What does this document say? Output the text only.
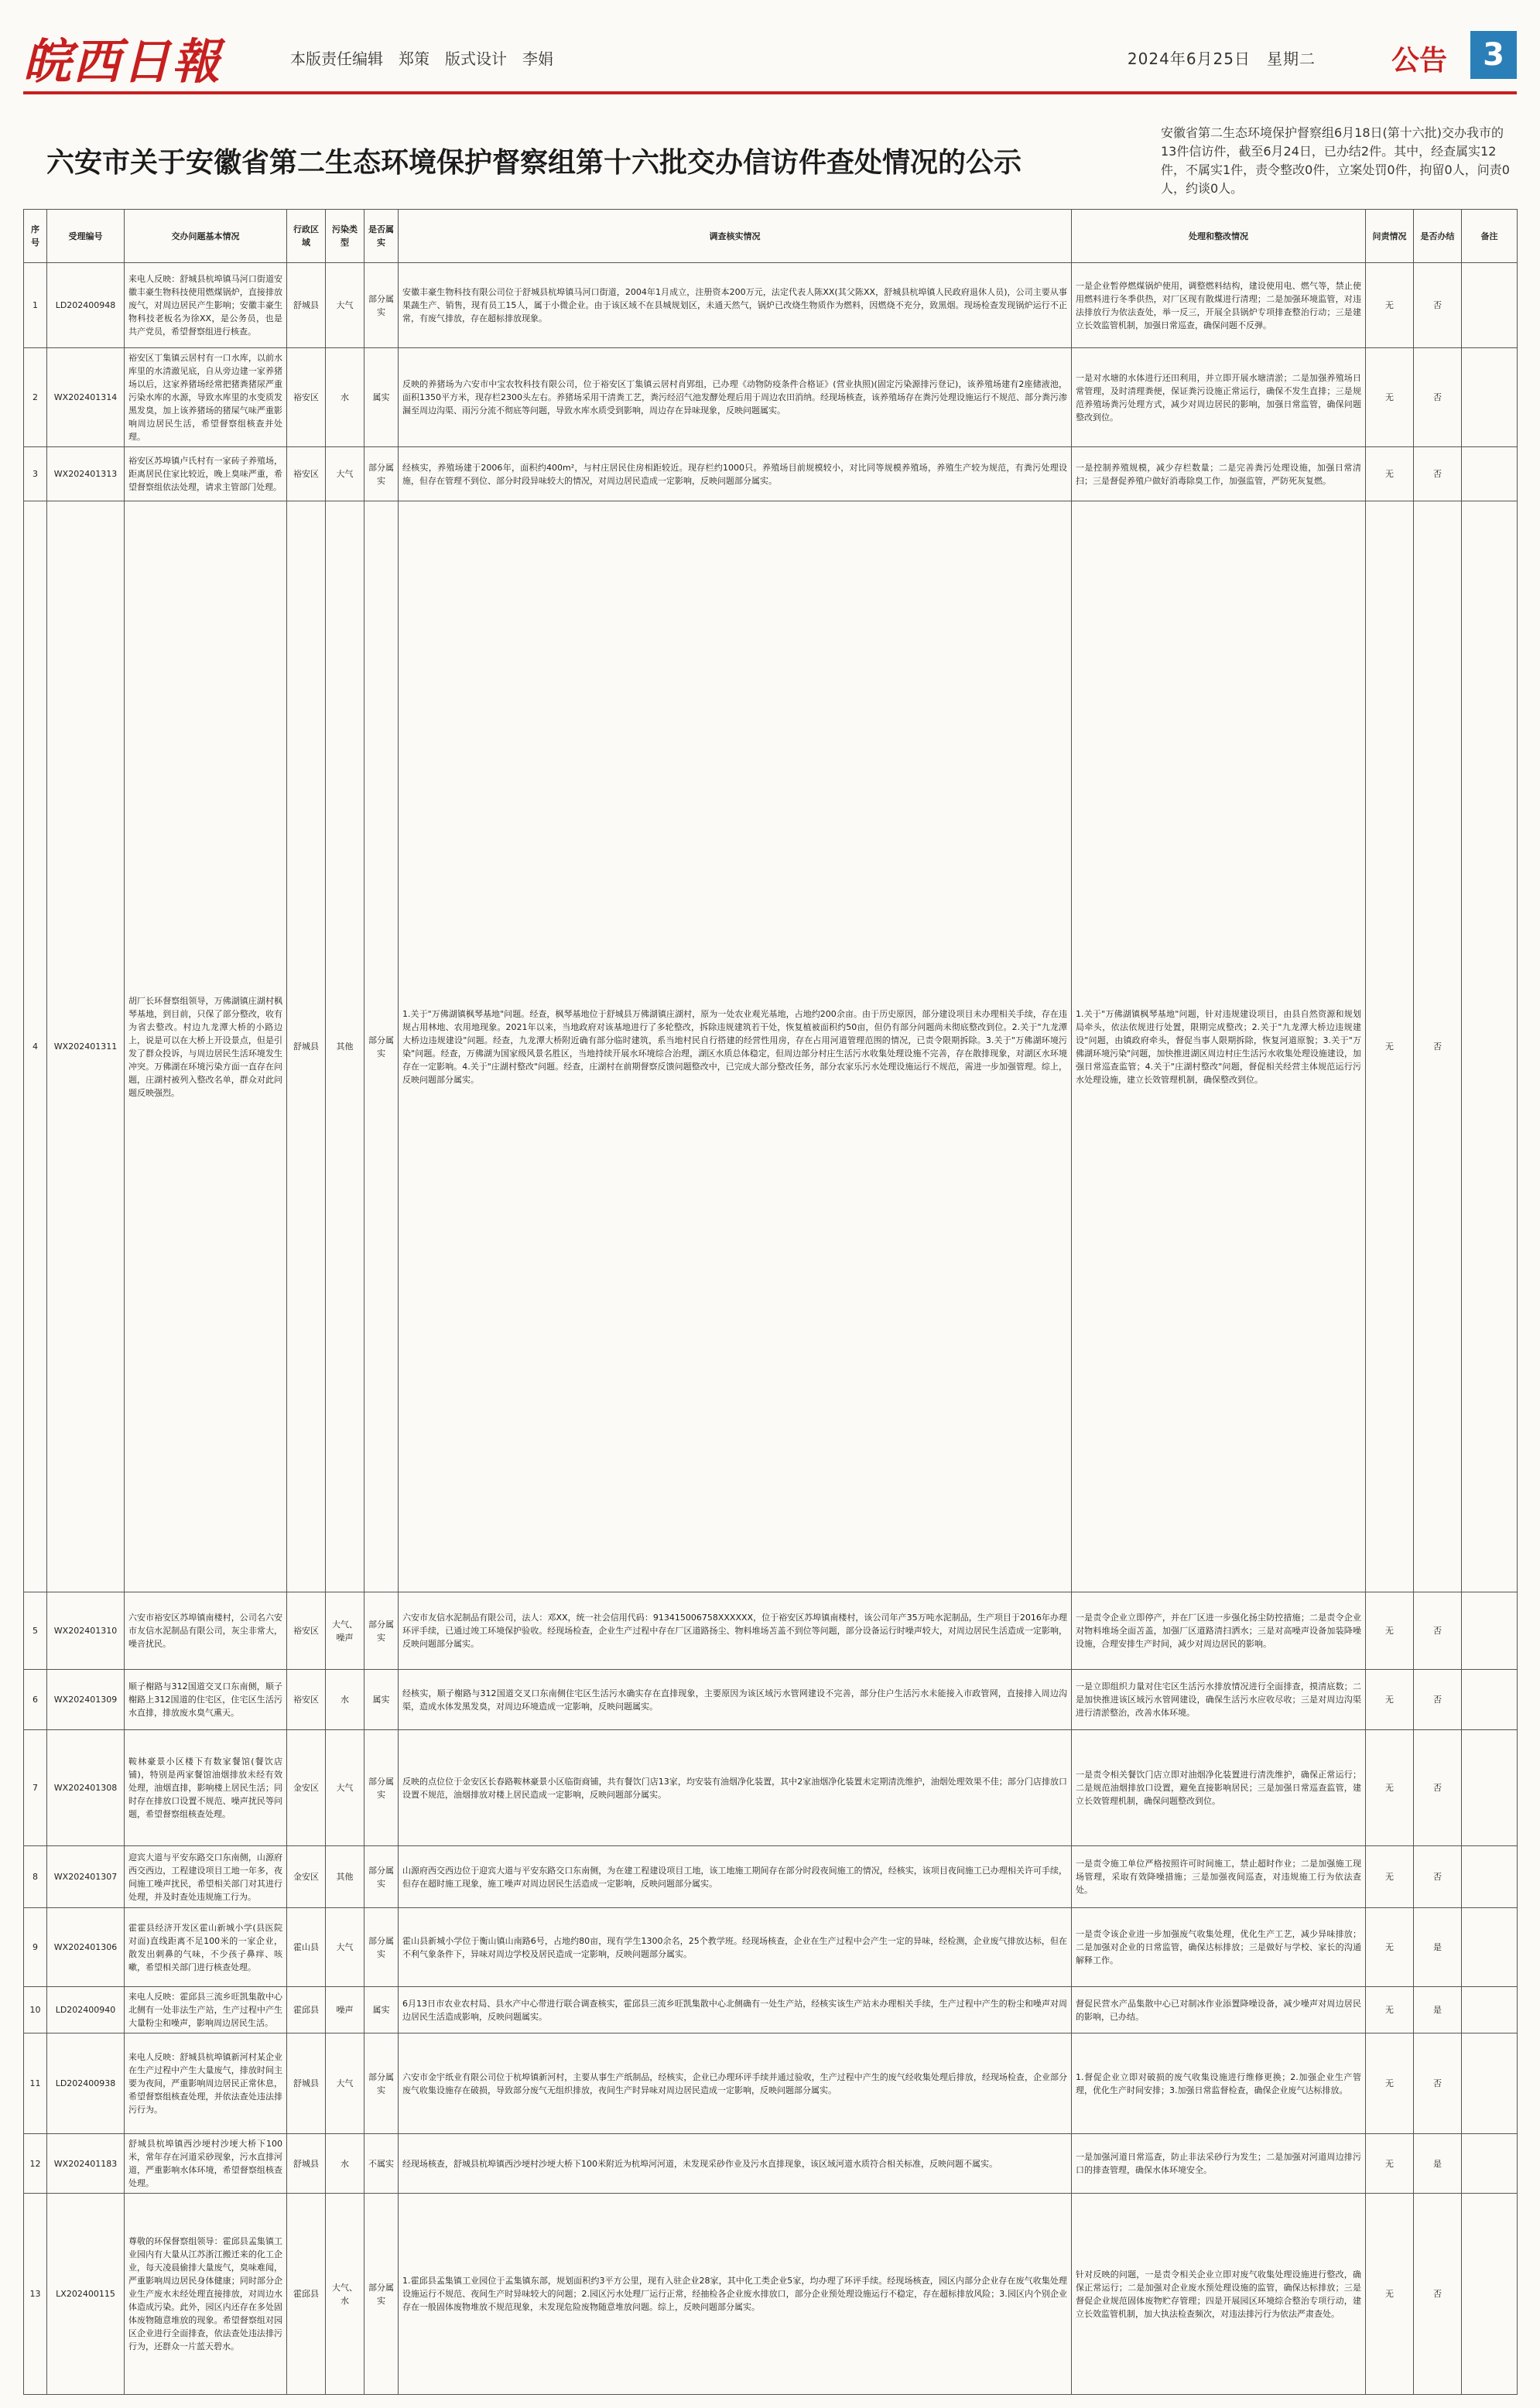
皖西日報	本版责任编辑　郑策　版式设计　李娟	2024年6月25日　星期二	公告	3
六安市关于安徽省第二生态环境保护督察组第十六批交办信访件查处情况的公示
安徽省第二生态环境保护督察组6月18日(第十六批)交办我市的13件信访件，截至6月24日，已办结2件。其中，经查属实12件，不属实1件，责令整改0件，立案处罚0件，拘留0人，问责0人，约谈0人。
序号	受理编号	交办问题基本情况	行政区域	污染类型	是否属实	调查核实情况	处理和整改情况	问责情况	是否办结	备注
1	LD202400948	来电人反映：舒城县杭埠镇马河口街道安徽丰豪生物科技使用燃煤锅炉，直接排放废气，对周边居民产生影响；安徽丰豪生物科技老板名为徐XX，是公务员，也是共产党员，希望督察组进行核查。	舒城县	大气	部分属实	安徽丰豪生物科技有限公司位于舒城县杭埠镇马河口街道，2004年1月成立，注册资本200万元，法定代表人陈XX(其父陈XX，舒城县杭埠镇人民政府退休人员)，公司主要从事果蔬生产、销售，现有员工15人，属于小微企业。由于该区域不在县城规划区，未通天然气，锅炉已改烧生物质作为燃料，因燃烧不充分，致黑烟。现场检查发现锅炉运行不正常，有废气排放，存在超标排放现象。	一是企业暂停燃煤锅炉使用，调整燃料结构，建设使用电、燃气等，禁止使用燃料进行冬季供热，对厂区现有散煤进行清理；二是加强环境监管，对违法排放行为依法查处，举一反三，开展全县锅炉专项排查整治行动；三是建立长效监管机制，加强日常巡查，确保问题不反弹。	无	否	
2	WX202401314	裕安区丁集镇云居村有一口水库，以前水库里的水清澈见底，自从旁边建一家养猪场以后，这家养猪场经常把猪粪猪尿严重污染水库的水源，导致水库里的水变质发黑发臭，加上该养猪场的猪屎气味严重影响周边居民生活，希望督察组核查并处理。	裕安区	水	属实	反映的养猪场为六安市中宝农牧科技有限公司，位于裕安区丁集镇云居村肖郢组，已办理《动物防疫条件合格证》(营业执照)(固定污染源排污登记)，该养殖场建有2座储液池，面积1350平方米，现存栏2300头左右。养猪场采用干清粪工艺，粪污经沼气池发酵处理后用于周边农田消纳。经现场核查，该养殖场存在粪污处理设施运行不规范、部分粪污渗漏至周边沟渠、雨污分流不彻底等问题，导致水库水质受到影响，周边存在异味现象，反映问题属实。	一是对水塘的水体进行还田利用，并立即开展水塘清淤；二是加强养殖场日常管理，及时清理粪便，保证粪污设施正常运行，确保不发生直排；三是规范养殖场粪污处理方式，减少对周边居民的影响，加强日常监管，确保问题整改到位。	无	否	
3	WX202401313	裕安区苏埠镇卢氏村有一家砖子养殖场，距离居民住家比较近，晚上臭味严重，希望督察组依法处理，请求主管部门处理。	裕安区	大气	部分属实	经核实，养殖场建于2006年，面积约400m²，与村庄居民住房相距较近。现存栏约1000只。养殖场目前规模较小，对比同等规模养殖场，养殖生产较为规范，有粪污处理设施，但存在管理不到位、部分时段异味较大的情况，对周边居民造成一定影响，反映问题部分属实。	一是控制养殖规模，减少存栏数量；二是完善粪污处理设施，加强日常清扫；三是督促养殖户做好消毒除臭工作，加强监管，严防死灰复燃。	无	否	
4	WX202401311	胡厂长环督察组领导，万佛湖镇庄湖村枫琴基地，到目前，只保了部分整改，收有为省去整改。村边九龙潭大桥的小路边上，说是可以在大桥上开设景点，但是引发了群众投诉，与周边居民生活环境发生冲突。万佛湖在环境污染方面一直存在问题，庄湖村被列入整改名单，群众对此问题反映强烈。	舒城县	其他	部分属实	1.关于"万佛湖镇枫琴基地"问题。经查，枫琴基地位于舒城县万佛湖镇庄湖村，原为一处农业观光基地，占地约200余亩。由于历史原因，部分建设项目未办理相关手续，存在违规占用林地、农用地现象。2021年以来，当地政府对该基地进行了多轮整改，拆除违规建筑若干处，恢复植被面积约50亩，但仍有部分问题尚未彻底整改到位。2.关于"九龙潭大桥边违规建设"问题。经查，九龙潭大桥附近确有部分临时建筑，系当地村民自行搭建的经营性用房，存在占用河道管理范围的情况，已责令限期拆除。3.关于"万佛湖环境污染"问题。经查，万佛湖为国家级风景名胜区，当地持续开展水环境综合治理，湖区水质总体稳定，但周边部分村庄生活污水收集处理设施不完善，存在散排现象，对湖区水环境存在一定影响。4.关于"庄湖村整改"问题。经查，庄湖村在前期督察反馈问题整改中，已完成大部分整改任务，部分农家乐污水处理设施运行不规范，需进一步加强管理。综上，反映问题部分属实。	1.关于"万佛湖镇枫琴基地"问题，针对违规建设项目，由县自然资源和规划局牵头，依法依规进行处置，限期完成整改；2.关于"九龙潭大桥边违规建设"问题，由镇政府牵头，督促当事人限期拆除，恢复河道原貌；3.关于"万佛湖环境污染"问题，加快推进湖区周边村庄生活污水收集处理设施建设，加强日常巡查监管；4.关于"庄湖村整改"问题，督促相关经营主体规范运行污水处理设施，建立长效管理机制，确保整改到位。	无	否	
5	WX202401310	六安市裕安区苏埠镇南楼村，公司名六安市友信水泥制品有限公司，灰尘非常大，噪音扰民。	裕安区	大气、噪声	部分属实	六安市友信水泥制品有限公司，法人：邓XX，统一社会信用代码：913415006758XXXXXX，位于裕安区苏埠镇南楼村，该公司年产35万吨水泥制品，生产项目于2016年办理环评手续，已通过竣工环境保护验收。经现场检查，企业生产过程中存在厂区道路扬尘、物料堆场苫盖不到位等问题，部分设备运行时噪声较大，对周边居民生活造成一定影响，反映问题部分属实。	一是责令企业立即停产，并在厂区进一步强化扬尘防控措施；二是责令企业对物料堆场全面苫盖，加强厂区道路清扫洒水；三是对高噪声设备加装降噪设施，合理安排生产时间，减少对周边居民的影响。	无	否	
6	WX202401309	顺子榭路与312国道交叉口东南侧，顺子榭路上312国道的住宅区，住宅区生活污水直排，排放废水臭气熏天。	裕安区	水	属实	经核实，顺子榭路与312国道交叉口东南侧住宅区生活污水确实存在直排现象，主要原因为该区域污水管网建设不完善，部分住户生活污水未能接入市政管网，直接排入周边沟渠，造成水体发黑发臭，对周边环境造成一定影响，反映问题属实。	一是立即组织力量对住宅区生活污水排放情况进行全面排查，摸清底数；二是加快推进该区域污水管网建设，确保生活污水应收尽收；三是对周边沟渠进行清淤整治，改善水体环境。	无	否	
7	WX202401308	鞍林豪景小区楼下有数家餐馆(餐饮店铺)，特别是两家餐馆油烟排放未经有效处理，油烟直排，影响楼上居民生活；同时存在排放口设置不规范、噪声扰民等问题，希望督察组核查处理。	金安区	大气	部分属实	反映的点位位于金安区长春路鞍林豪景小区临街商铺，共有餐饮门店13家，均安装有油烟净化装置，其中2家油烟净化装置未定期清洗维护，油烟处理效果不佳；部分门店排放口设置不规范，油烟排放对楼上居民造成一定影响，反映问题部分属实。	一是责令相关餐饮门店立即对油烟净化装置进行清洗维护，确保正常运行；二是规范油烟排放口设置，避免直接影响居民；三是加强日常巡查监管，建立长效管理机制，确保问题整改到位。	无	否	
8	WX202401307	迎宾大道与平安东路交口东南侧，山源府西交西边，工程建设项目工地一年多，夜间施工噪声扰民，希望相关部门对其进行处理，并及时查处违规施工行为。	金安区	其他	部分属实	山源府西交西边位于迎宾大道与平安东路交口东南侧，为在建工程建设项目工地，该工地施工期间存在部分时段夜间施工的情况，经核实，该项目夜间施工已办理相关许可手续，但存在超时施工现象，施工噪声对周边居民生活造成一定影响，反映问题部分属实。	一是责令施工单位严格按照许可时间施工，禁止超时作业；二是加强施工现场管理，采取有效降噪措施；三是加强夜间巡查，对违规施工行为依法查处。	无	否	
9	WX202401306	霍霍县经济开发区霍山新城小学(县医院对面)直线距离不足100米的一家企业，散发出刺鼻的气味，不少孩子鼻痒、咳嗽，希望相关部门进行核查处理。	霍山县	大气	部分属实	霍山县新城小学位于衡山镇山南路6号，占地约80亩，现有学生1300余名，25个教学班。经现场核查，企业在生产过程中会产生一定的异味，经检测，企业废气排放达标，但在不利气象条件下，异味对周边学校及居民造成一定影响，反映问题部分属实。	一是责令该企业进一步加强废气收集处理，优化生产工艺，减少异味排放；二是加强对企业的日常监管，确保达标排放；三是做好与学校、家长的沟通解释工作。	无	是	
10	LD202400940	来电人反映：霍邱县三流乡旺凯集散中心北侧有一处非法生产站，生产过程中产生大量粉尘和噪声，影响周边居民生活。	霍邱县	噪声	属实	6月13日市农业农村局、县水产中心带进行联合调查核实，霍邱县三流乡旺凯集散中心北侧确有一处生产站，经核实该生产站未办理相关手续，生产过程中产生的粉尘和噪声对周边居民生活造成影响，反映问题属实。	督促民营水产品集散中心已对制冰作业添置降噪设备，减少噪声对周边居民的影响，已办结。	无	是	
11	LD202400938	来电人反映：舒城县杭埠镇新河村某企业在生产过程中产生大量废气，排放时间主要为夜间，严重影响周边居民正常休息，希望督察组核查处理，并依法查处违法排污行为。	舒城县	大气	部分属实	六安市金宇纸业有限公司位于杭埠镇新河村，主要从事生产纸制品，经核实，企业已办理环评手续并通过验收，生产过程中产生的废气经收集处理后排放，经现场检查，企业部分废气收集设施存在破损，导致部分废气无组织排放，夜间生产时异味对周边居民造成一定影响，反映问题部分属实。	1.督促企业立即对破损的废气收集设施进行维修更换；2.加强企业生产管理，优化生产时间安排；3.加强日常监督检查，确保企业废气达标排放。	无	否	
12	WX202401183	舒城县杭埠镇西沙埂村沙埂大桥下100米，常年存在河道采砂现象，污水直排河道，严重影响水体环境，希望督察组核查处理。	舒城县	水	不属实	经现场核查，舒城县杭埠镇西沙埂村沙埂大桥下100米附近为杭埠河河道，未发现采砂作业及污水直排现象，该区域河道水质符合相关标准，反映问题不属实。	一是加强河道日常巡查，防止非法采砂行为发生；二是加强对河道周边排污口的排查管理，确保水体环境安全。	无	是	
13	LX202400115	尊敬的环保督察组领导：霍邱县孟集镇工业园内有大量从江苏浙江搬迁来的化工企业，每天凌晨偷排大量废气，臭味难闻，严重影响周边居民身体健康；同时部分企业生产废水未经处理直接排放，对周边水体造成污染。此外，园区内还存在多处固体废物随意堆放的现象。希望督察组对园区企业进行全面排查，依法查处违法排污行为，还群众一片蓝天碧水。	霍邱县	大气、水	部分属实	1.霍邱县孟集镇工业园位于孟集镇东部，规划面积约3平方公里，现有入驻企业28家，其中化工类企业5家，均办理了环评手续。经现场核查，园区内部分企业存在废气收集处理设施运行不规范、夜间生产时异味较大的问题；2.园区污水处理厂运行正常，经抽检各企业废水排放口，部分企业预处理设施运行不稳定，存在超标排放风险；3.园区内个别企业存在一般固体废物堆放不规范现象，未发现危险废物随意堆放问题。综上，反映问题部分属实。	针对反映的问题，一是责令相关企业立即对废气收集处理设施进行整改，确保正常运行；二是加强对企业废水预处理设施的监管，确保达标排放；三是督促企业规范固体废物贮存管理；四是开展园区环境综合整治专项行动，建立长效监管机制，加大执法检查频次，对违法排污行为依法严肃查处。	无	否	
